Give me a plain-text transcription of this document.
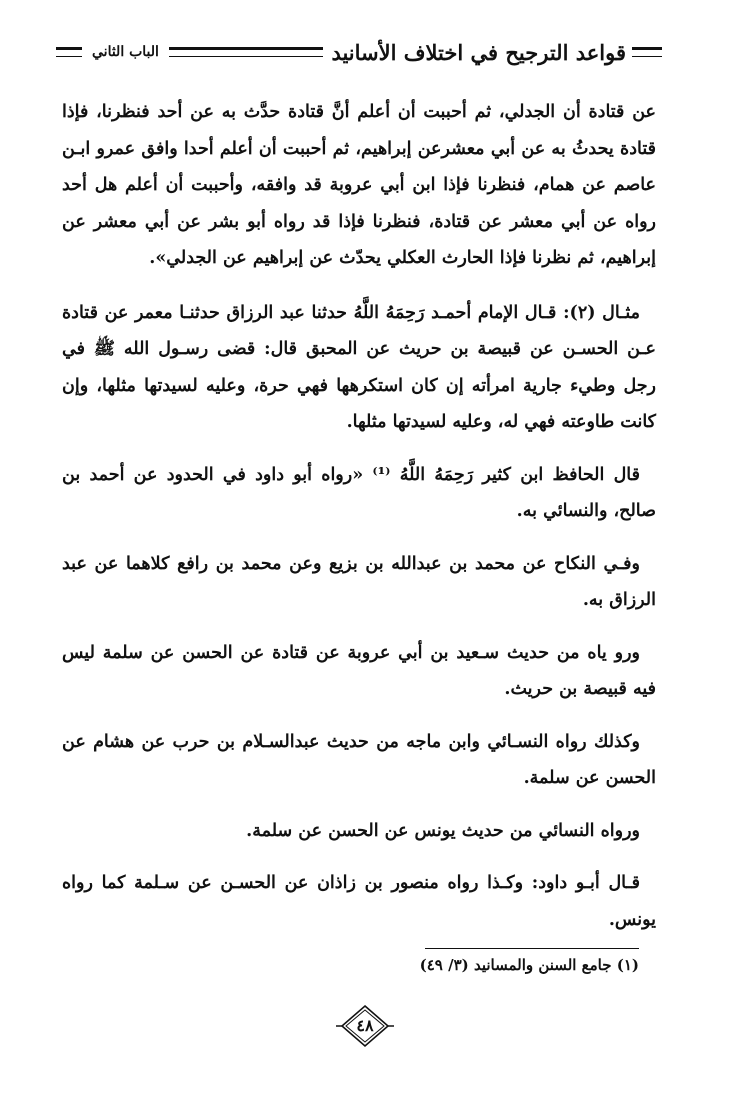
قواعد الترجيح في اختلاف الأسانيد
الباب الثاني

عن قتادة أن الجدلي، ثم أحببت أن أعلم أنَّ قتادة حدَّث به عن أحد فنظرنا، فإذا قتادة يحدثُ به عن أبي معشرعن إبراهيم، ثم أحببت أن أعلم أحدا وافق عمرو ابـن عاصم عن همام، فنظرنا فإذا ابن أبي عروبة قد وافقه، وأحببت أن أعلم هل أحد رواه عن أبي معشر عن قتادة، فنظرنا فإذا قد رواه أبو بشر عن أبي معشر عن إبراهيم، ثم نظرنا فإذا الحارث العكلي يحدّث عن إبراهيم عن الجدلي».

مثـال (٢): قـال الإمام أحمـد رَحِمَهُ اللَّهُ حدثنا عبد الرزاق حدثنـا معمر عن قتادة عـن الحسـن عن قبيصة بن حريث عن المحبق قال: قضى رسـول الله ﷺ في رجل وطيء جارية امرأته إن كان استكرهها فهي حرة، وعليه لسيدتها مثلها، وإن كانت طاوعته فهي له، وعليه لسيدتها مثلها.

قال الحافظ ابن كثير رَحِمَهُ اللَّهُ ⁽¹⁾ «رواه أبو داود في الحدود عن أحمد بن صالح، والنسائي به.

وفـي النكاح عن محمد بن عبدالله بن بزيع وعن محمد بن رافع كلاهما عن عبد الرزاق به.

ورو ياه من حديث سـعيد بن أبي عروبة عن قتادة عن الحسن عن سلمة ليس فيه قبيصة بن حريث.

وكذلك رواه النسـائي وابن ماجه من حديث عبدالسـلام بن حرب عن هشام عن الحسن عن سلمة.

ورواه النسائي من حديث يونس عن الحسن عن سلمة.

قـال أبـو داود: وكـذا رواه منصور بن زاذان عن الحسـن عن سـلمة كما رواه يونس.

(١) جامع السنن والمسانيد (٣/ ٤٩)
٤٨
